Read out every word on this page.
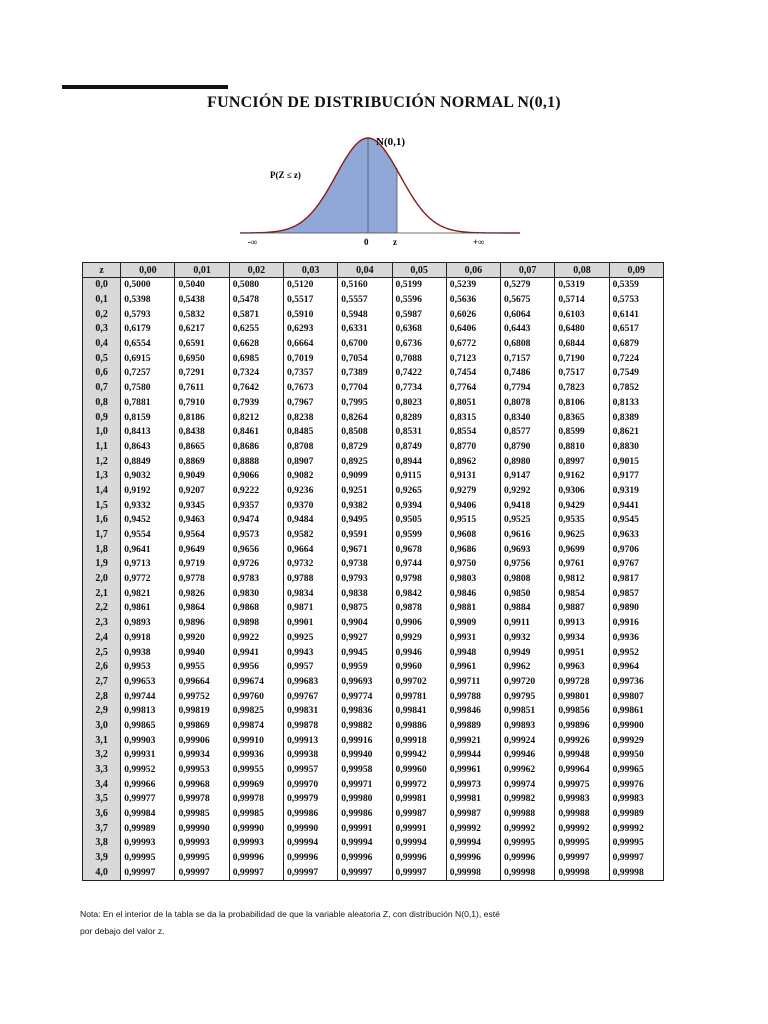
FUNCIÓN DE DISTRIBUCIÓN NORMAL N(0,1)
N(0,1)
P(Z ≤ z)
-∞	0	z	+∞
z	0,00	0,01	0,02	0,03	0,04	0,05	0,06	0,07	0,08	0,09
0,0	0,5000	0,5040	0,5080	0,5120	0,5160	0,5199	0,5239	0,5279	0,5319	0,5359
0,1	0,5398	0,5438	0,5478	0,5517	0,5557	0,5596	0,5636	0,5675	0,5714	0,5753
0,2	0,5793	0,5832	0,5871	0,5910	0,5948	0,5987	0,6026	0,6064	0,6103	0,6141
0,3	0,6179	0,6217	0,6255	0,6293	0,6331	0,6368	0,6406	0,6443	0,6480	0,6517
0,4	0,6554	0,6591	0,6628	0,6664	0,6700	0,6736	0,6772	0,6808	0,6844	0,6879
0,5	0,6915	0,6950	0,6985	0,7019	0,7054	0,7088	0,7123	0,7157	0,7190	0,7224
0,6	0,7257	0,7291	0,7324	0,7357	0,7389	0,7422	0,7454	0,7486	0,7517	0,7549
0,7	0,7580	0,7611	0,7642	0,7673	0,7704	0,7734	0,7764	0,7794	0,7823	0,7852
0,8	0,7881	0,7910	0,7939	0,7967	0,7995	0,8023	0,8051	0,8078	0,8106	0,8133
0,9	0,8159	0,8186	0,8212	0,8238	0,8264	0,8289	0,8315	0,8340	0,8365	0,8389
1,0	0,8413	0,8438	0,8461	0,8485	0,8508	0,8531	0,8554	0,8577	0,8599	0,8621
1,1	0,8643	0,8665	0,8686	0,8708	0,8729	0,8749	0,8770	0,8790	0,8810	0,8830
1,2	0,8849	0,8869	0,8888	0,8907	0,8925	0,8944	0,8962	0,8980	0,8997	0,9015
1,3	0,9032	0,9049	0,9066	0,9082	0,9099	0,9115	0,9131	0,9147	0,9162	0,9177
1,4	0,9192	0,9207	0,9222	0,9236	0,9251	0,9265	0,9279	0,9292	0,9306	0,9319
1,5	0,9332	0,9345	0,9357	0,9370	0,9382	0,9394	0,9406	0,9418	0,9429	0,9441
1,6	0,9452	0,9463	0,9474	0,9484	0,9495	0,9505	0,9515	0,9525	0,9535	0,9545
1,7	0,9554	0,9564	0,9573	0,9582	0,9591	0,9599	0,9608	0,9616	0,9625	0,9633
1,8	0,9641	0,9649	0,9656	0,9664	0,9671	0,9678	0,9686	0,9693	0,9699	0,9706
1,9	0,9713	0,9719	0,9726	0,9732	0,9738	0,9744	0,9750	0,9756	0,9761	0,9767
2,0	0,9772	0,9778	0,9783	0,9788	0,9793	0,9798	0,9803	0,9808	0,9812	0,9817
2,1	0,9821	0,9826	0,9830	0,9834	0,9838	0,9842	0,9846	0,9850	0,9854	0,9857
2,2	0,9861	0,9864	0,9868	0,9871	0,9875	0,9878	0,9881	0,9884	0,9887	0,9890
2,3	0,9893	0,9896	0,9898	0,9901	0,9904	0,9906	0,9909	0,9911	0,9913	0,9916
2,4	0,9918	0,9920	0,9922	0,9925	0,9927	0,9929	0,9931	0,9932	0,9934	0,9936
2,5	0,9938	0,9940	0,9941	0,9943	0,9945	0,9946	0,9948	0,9949	0,9951	0,9952
2,6	0,9953	0,9955	0,9956	0,9957	0,9959	0,9960	0,9961	0,9962	0,9963	0,9964
2,7	0,99653	0,99664	0,99674	0,99683	0,99693	0,99702	0,99711	0,99720	0,99728	0,99736
2,8	0,99744	0,99752	0,99760	0,99767	0,99774	0,99781	0,99788	0,99795	0,99801	0,99807
2,9	0,99813	0,99819	0,99825	0,99831	0,99836	0,99841	0,99846	0,99851	0,99856	0,99861
3,0	0,99865	0,99869	0,99874	0,99878	0,99882	0,99886	0,99889	0,99893	0,99896	0,99900
3,1	0,99903	0,99906	0,99910	0,99913	0,99916	0,99918	0,99921	0,99924	0,99926	0,99929
3,2	0,99931	0,99934	0,99936	0,99938	0,99940	0,99942	0,99944	0,99946	0,99948	0,99950
3,3	0,99952	0,99953	0,99955	0,99957	0,99958	0,99960	0,99961	0,99962	0,99964	0,99965
3,4	0,99966	0,99968	0,99969	0,99970	0,99971	0,99972	0,99973	0,99974	0,99975	0,99976
3,5	0,99977	0,99978	0,99978	0,99979	0,99980	0,99981	0,99981	0,99982	0,99983	0,99983
3,6	0,99984	0,99985	0,99985	0,99986	0,99986	0,99987	0,99987	0,99988	0,99988	0,99989
3,7	0,99989	0,99990	0,99990	0,99990	0,99991	0,99991	0,99992	0,99992	0,99992	0,99992
3,8	0,99993	0,99993	0,99993	0,99994	0,99994	0,99994	0,99994	0,99995	0,99995	0,99995
3,9	0,99995	0,99995	0,99996	0,99996	0,99996	0,99996	0,99996	0,99996	0,99997	0,99997
4,0	0,99997	0,99997	0,99997	0,99997	0,99997	0,99997	0,99998	0,99998	0,99998	0,99998
Nota: En el interior de la tabla se da la probabilidad de que la variable aleatoria Z, con distribución N(0,1), esté
por debajo del valor z.
